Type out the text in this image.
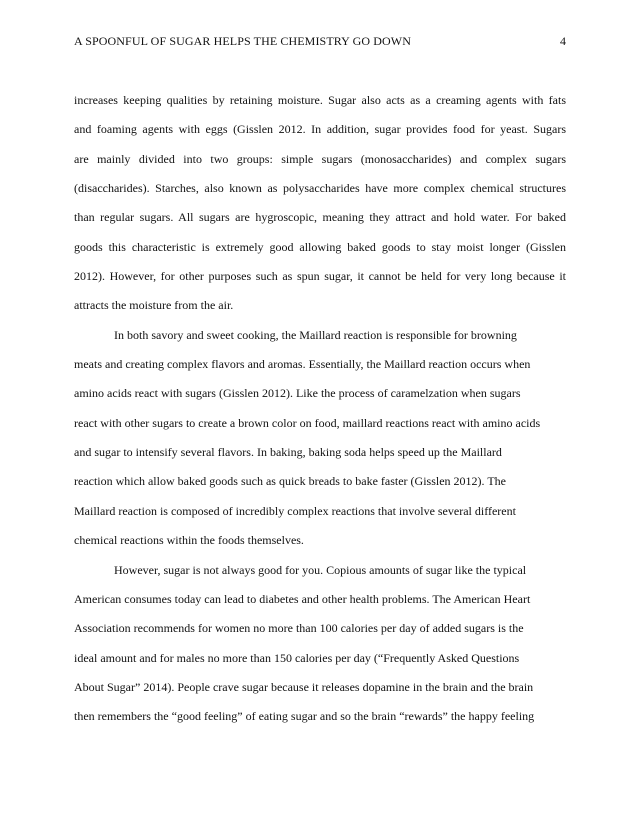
A SPOONFUL OF SUGAR HELPS THE CHEMISTRY GO DOWN	4
increases keeping qualities by retaining moisture. Sugar also acts as a creaming agents with fats
and foaming agents with eggs (Gisslen 2012. In addition, sugar provides food for yeast. Sugars
are mainly divided into two groups: simple sugars (monosaccharides) and complex sugars
(disaccharides). Starches, also known as polysaccharides have more complex chemical structures
than regular sugars. All sugars are hygroscopic, meaning they attract and hold water. For baked
goods this characteristic is extremely good allowing baked goods to stay moist longer (Gisslen
2012). However, for other purposes such as spun sugar, it cannot be held for very long because it
attracts the moisture from the air.
In both savory and sweet cooking, the Maillard reaction is responsible for browning
meats and creating complex flavors and aromas. Essentially, the Maillard reaction occurs when
amino acids react with sugars (Gisslen 2012). Like the process of caramelzation when sugars
react with other sugars to create a brown color on food, maillard reactions react with amino acids
and sugar to intensify several flavors. In baking, baking soda helps speed up the Maillard
reaction which allow baked goods such as quick breads to bake faster (Gisslen 2012). The
Maillard reaction is composed of incredibly complex reactions that involve several different
chemical reactions within the foods themselves.
However, sugar is not always good for you. Copious amounts of sugar like the typical
American consumes today can lead to diabetes and other health problems. The American Heart
Association recommends for women no more than 100 calories per day of added sugars is the
ideal amount and for males no more than 150 calories per day (“Frequently Asked Questions
About Sugar” 2014). People crave sugar because it releases dopamine in the brain and the brain
then remembers the “good feeling” of eating sugar and so the brain “rewards” the happy feeling
